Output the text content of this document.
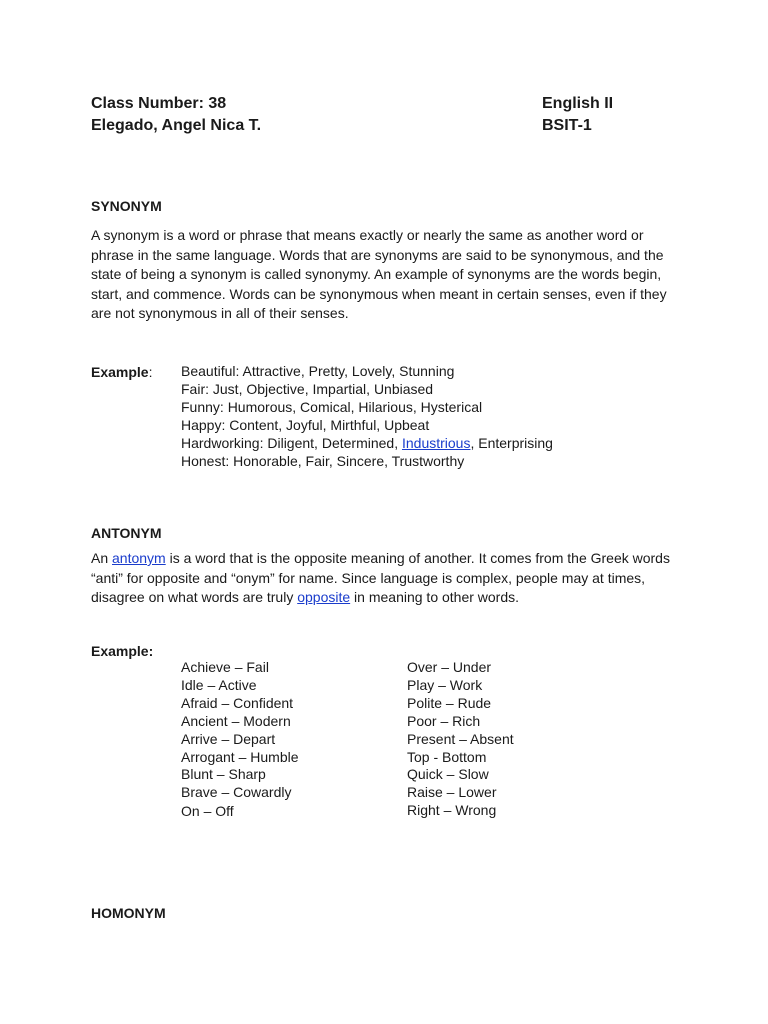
Class Number: 38
Elegado, Angel Nica T.
English II
BSIT-1
SYNONYM
A synonym is a word or phrase that means exactly or nearly the same as another word or phrase in the same language. Words that are synonyms are said to be synonymous, and the state of being a synonym is called synonymy. An example of synonyms are the words begin, start, and commence. Words can be synonymous when meant in certain senses, even if they are not synonymous in all of their senses.
Example: Beautiful: Attractive, Pretty, Lovely, Stunning
Fair: Just, Objective, Impartial, Unbiased
Funny: Humorous, Comical, Hilarious, Hysterical
Happy: Content, Joyful, Mirthful, Upbeat
Hardworking: Diligent, Determined, Industrious, Enterprising
Honest: Honorable, Fair, Sincere, Trustworthy
ANTONYM
An antonym is a word that is the opposite meaning of another. It comes from the Greek words “anti” for opposite and “onym” for name. Since language is complex, people may at times, disagree on what words are truly opposite in meaning to other words.
Example:
Achieve – Fail
Idle – Active
Afraid – Confident
Ancient – Modern
Arrive – Depart
Arrogant – Humble
Blunt – Sharp
Brave – Cowardly
On – Off
Over – Under
Play – Work
Polite – Rude
Poor – Rich
Present – Absent
Top - Bottom
Quick – Slow
Raise – Lower
Right – Wrong
HOMONYM
